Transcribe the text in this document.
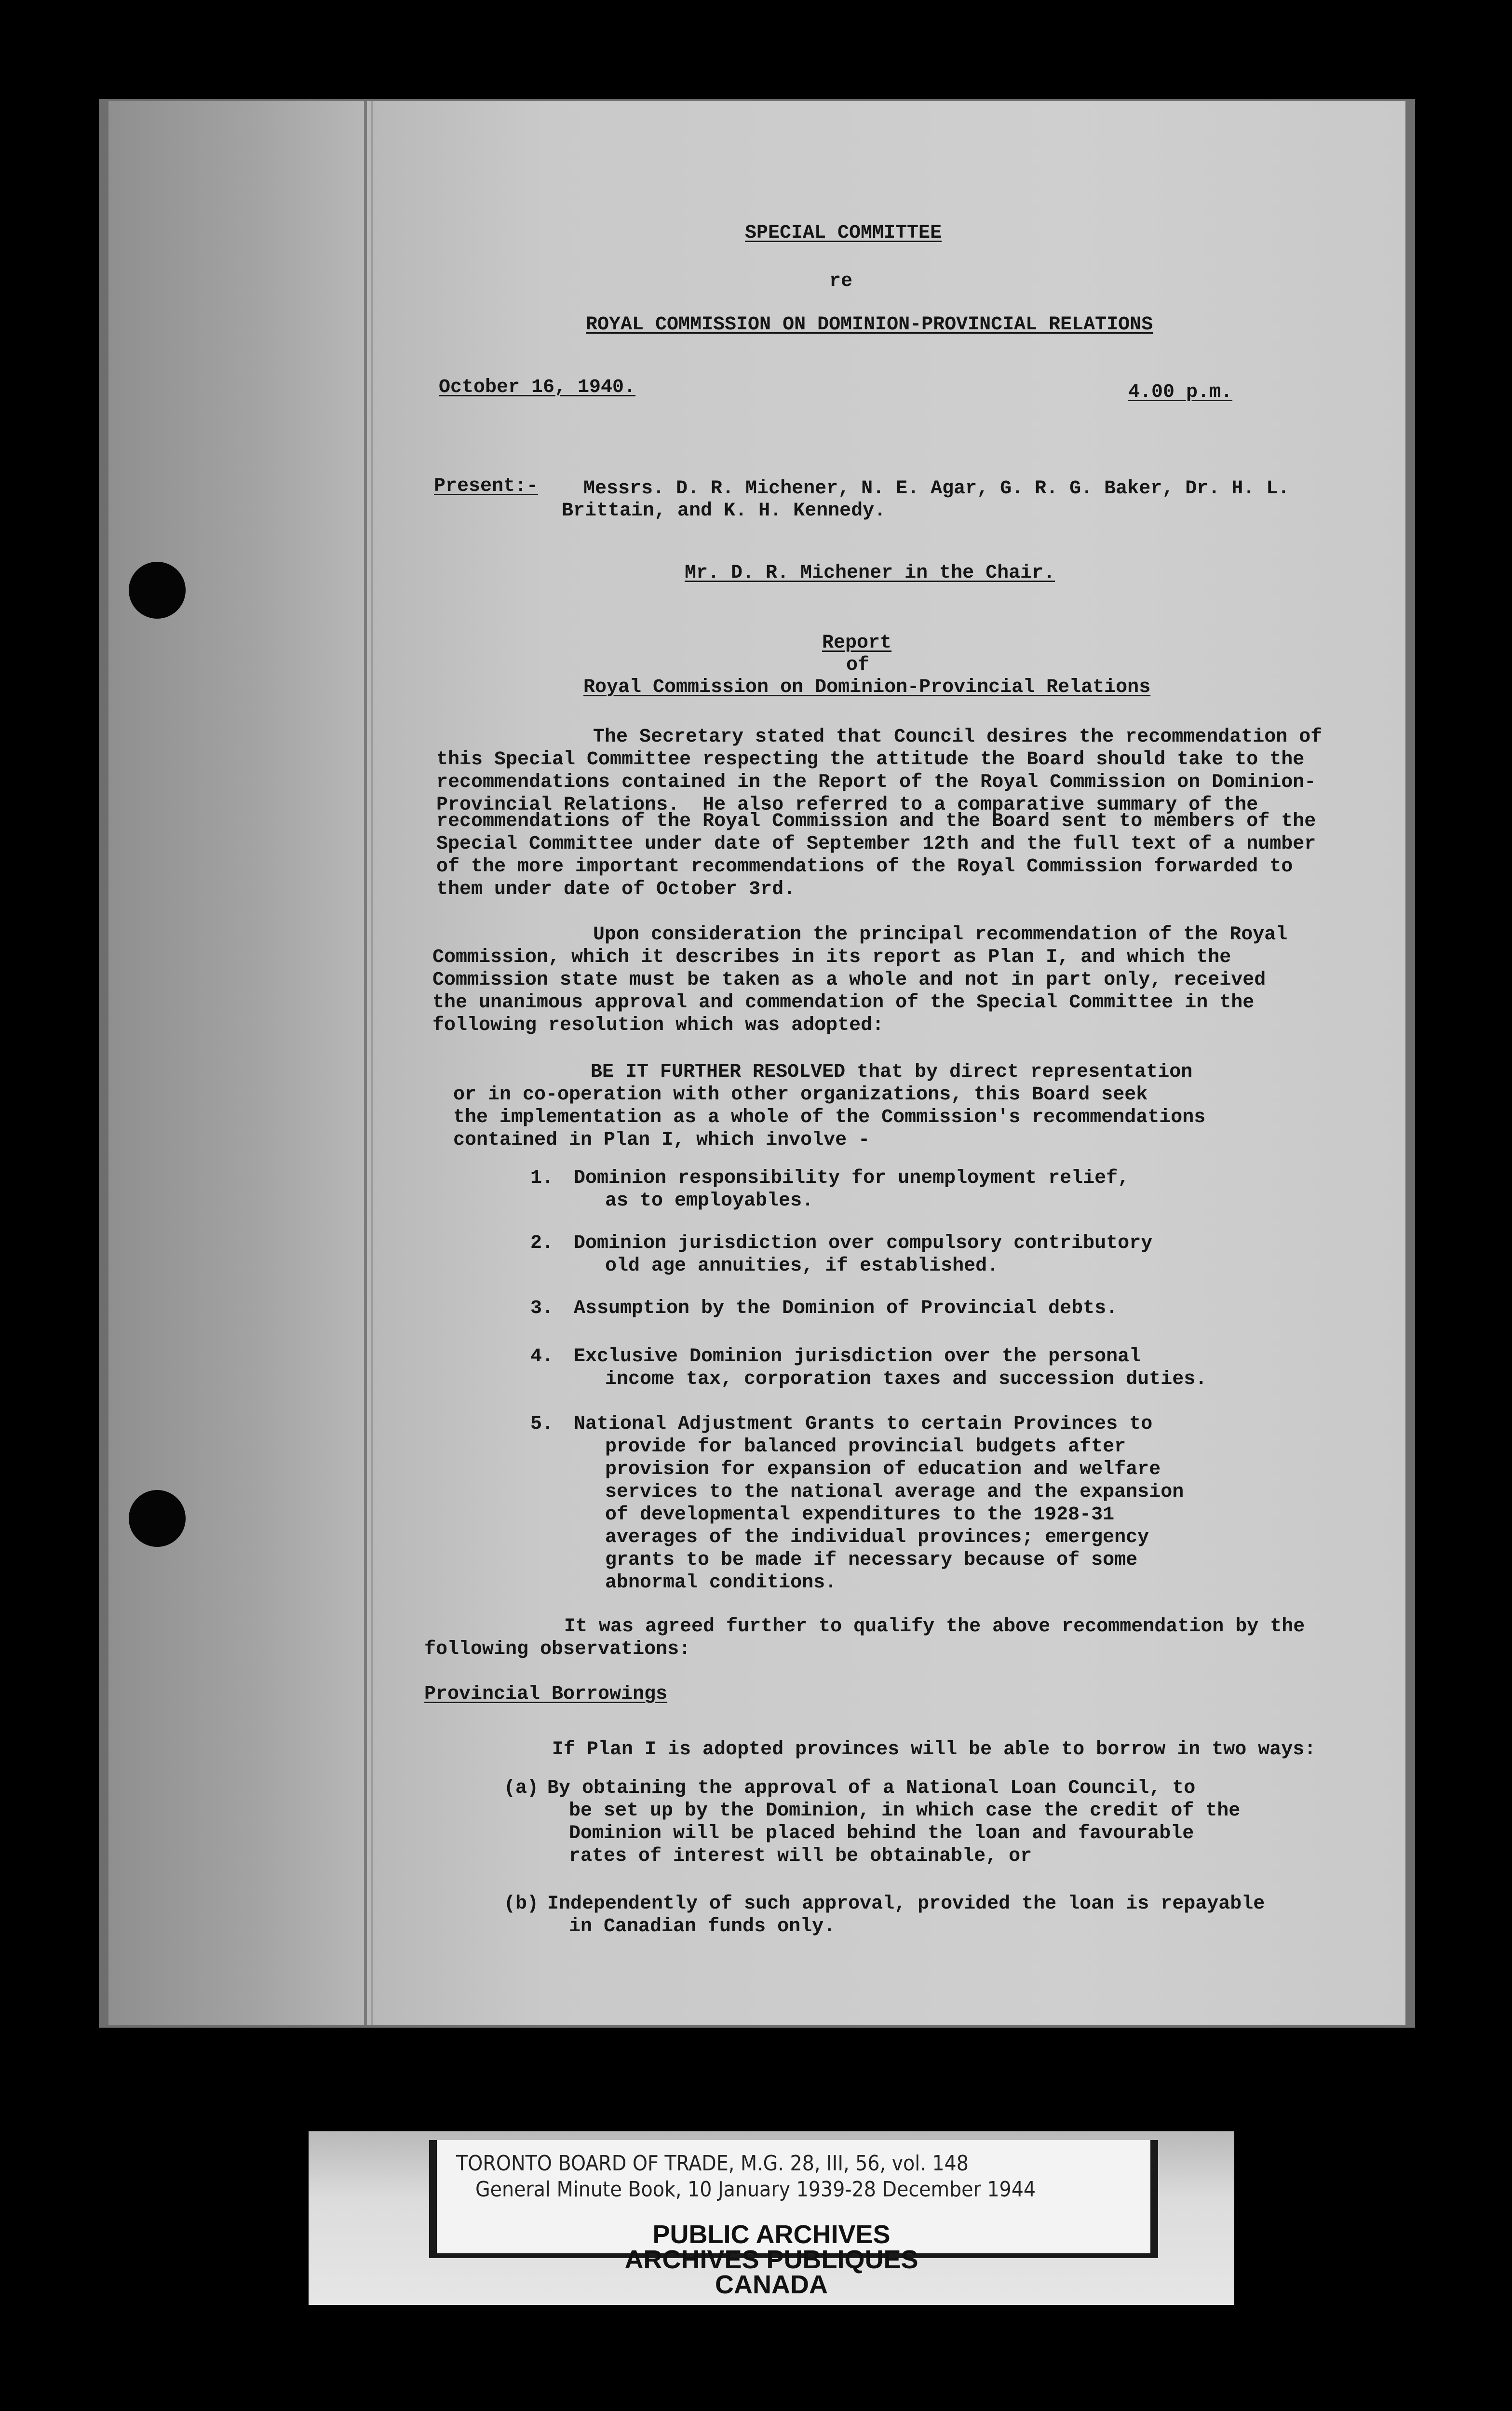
SPECIAL COMMITTEE
re
ROYAL COMMISSION ON DOMINION-PROVINCIAL RELATIONS
October 16, 1940.	4.00 p.m.
Present:- Messrs. D. R. Michener, N. E. Agar, G. R. G. Baker, Dr. H. L.
Brittain, and K. H. Kennedy.
Mr. D. R. Michener in the Chair.
Report
of
Royal Commission on Dominion-Provincial Relations
The Secretary stated that Council desires the recommendation of
this Special Committee respecting the attitude the Board should take to the
recommendations contained in the Report of the Royal Commission on Dominion-
Provincial Relations.  He also referred to a comparative summary of the
recommendations of the Royal Commission and the Board sent to members of the
Special Committee under date of September 12th and the full text of a number
of the more important recommendations of the Royal Commission forwarded to
them under date of October 3rd.
Upon consideration the principal recommendation of the Royal
Commission, which it describes in its report as Plan I, and which the
Commission state must be taken as a whole and not in part only, received
the unanimous approval and commendation of the Special Committee in the
following resolution which was adopted:
BE IT FURTHER RESOLVED that by direct representation
or in co-operation with other organizations, this Board seek
the implementation as a whole of the Commission's recommendations
contained in Plan I, which involve -
1. Dominion responsibility for unemployment relief,
as to employables.
2. Dominion jurisdiction over compulsory contributory
old age annuities, if established.
3. Assumption by the Dominion of Provincial debts.
4. Exclusive Dominion jurisdiction over the personal
income tax, corporation taxes and succession duties.
5. National Adjustment Grants to certain Provinces to
provide for balanced provincial budgets after
provision for expansion of education and welfare
services to the national average and the expansion
of developmental expenditures to the 1928-31
averages of the individual provinces; emergency
grants to be made if necessary because of some
abnormal conditions.
It was agreed further to qualify the above recommendation by the
following observations:
Provincial Borrowings
If Plan I is adopted provinces will be able to borrow in two ways:
(a) By obtaining the approval of a National Loan Council, to
be set up by the Dominion, in which case the credit of the
Dominion will be placed behind the loan and favourable
rates of interest will be obtainable, or
(b) Independently of such approval, provided the loan is repayable
in Canadian funds only.
TORONTO BOARD OF TRADE, M.G. 28, III, 56, vol. 148
General Minute Book, 10 January 1939-28 December 1944
PUBLIC ARCHIVES
ARCHIVES PUBLIQUES
CANADA
